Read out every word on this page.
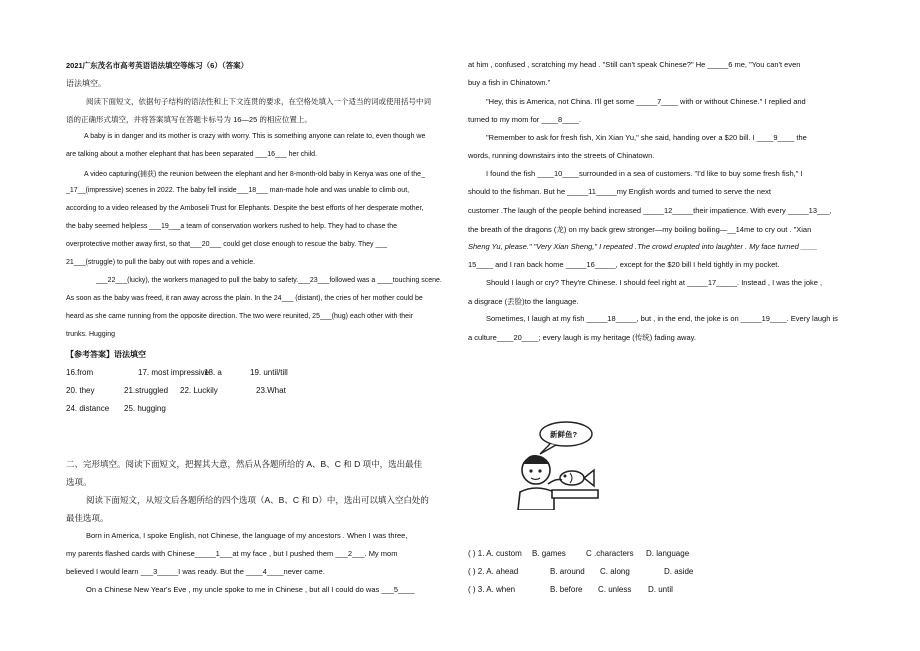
2021广东茂名市高考英语语法填空等练习（6）（答案）
语法填空。
阅读下面短文，依据句子结构的语法性和上下文连贯的要求，在空格处填入一个适当的词或使用括号中词
语的正确形式填空，并将答案填写在答题卡标号为 16—25 的相应位置上。
A baby is in danger and its mother is crazy with worry. This is something anyone can relate to, even though we
are talking about a mother elephant that has been separated ___16___ her child.
A video capturing(捕获) the reunion between the elephant and her 8-month-old baby in Kenya was one of the_
_17__(impressive) scenes in 2022. The baby fell inside___18___ man-made hole and was unable to climb out,
according to a video released by the Amboseli Trust for Elephants. Despite the best efforts of her desperate mother,
the baby seemed helpless ___19___a team of conservation workers rushed to help. They had to chase the
overprotective mother away first, so that___20___ could get close enough to rescue the baby. They ___
21___(struggle) to pull the baby out with ropes and a vehicle.
___22___(lucky), the workers managed to pull the baby to safety.___23___followed was a ____touching scene.
As soon as the baby was freed, it ran away across the plain. In the 24___ (distant), the cries of her mother could be
heard as she came running from the opposite direction. The two were reunited, 25___(hug) each other with their
trunks. Hugging
【参考答案】语法填空
16.from	17. most impressive
18. a	19. until/till
20. they	21.struggled 22. Luckily	23.What
24. distance 25. hugging
二、完形填空。阅读下面短文，把握其大意，然后从各题所给的 A、B、C 和 D 项中，选出最佳
选项。
阅读下面短文，从短文后各题所给的四个选项（A、B、C 和 D）中，选出可以填入空白处的
最佳选项。
Born in America, I spoke English, not Chinese, the language of my ancestors . When I was three,
my parents flashed cards with Chinese_____1___at my face , but I pushed them ___2___. My mom
believed I would learn ___3_____I was ready. But the ____4____never came.
On a Chinese New Year's Eve , my uncle spoke to me in Chinese , but all I could do was ___5____
at him , confused , scratching my head . "Still can't speak Chinese?" He _____6 me, "You can't even
buy a fish in Chinatown."
"Hey, this is America, not China. I'll get some _____7____ with or without Chinese." I replied and
turned to my mom for ____8____.
"Remember to ask for fresh fish, Xin Xian Yu," she said, handing over a $20 bill. I ____9____ the
words, running downstairs into the streets of Chinatown.
I found the fish ____10____surrounded in a sea of customers. "I'd like to buy some fresh fish," I
should to the fishman. But he _____11_____my English words and turned to serve the next
customer .The laugh of the people behind increased _____12_____their impatience. With every _____13___,
the breath of the dragons (龙) on my back grew stronger—my boiling boiling—__14me to cry out . "Xian
Sheng Yu, please." "Very Xian Sheng," I repeated .The crowd erupted into laughter . My face turned ____
15____ and I ran back home _____16_____, except for the $20 bill I held tightly in my pocket.
Should I laugh or cry? They're Chinese. I should feel right at _____17_____. Instead , I was the joke ,
a disgrace (丢脸)to the language.
Sometimes, I laugh at my fish _____18_____, but , in the end, the joke is on _____19____. Every laugh is
a culture____20____; every laugh is my heritage (传统) fading away.
( ) 1. A. custom B. games	C .characters D. language
( ) 2. A. ahead	B. around C. along	D. aside
( ) 3. A. when	B. before C. unless D. until
新鲜鱼?
